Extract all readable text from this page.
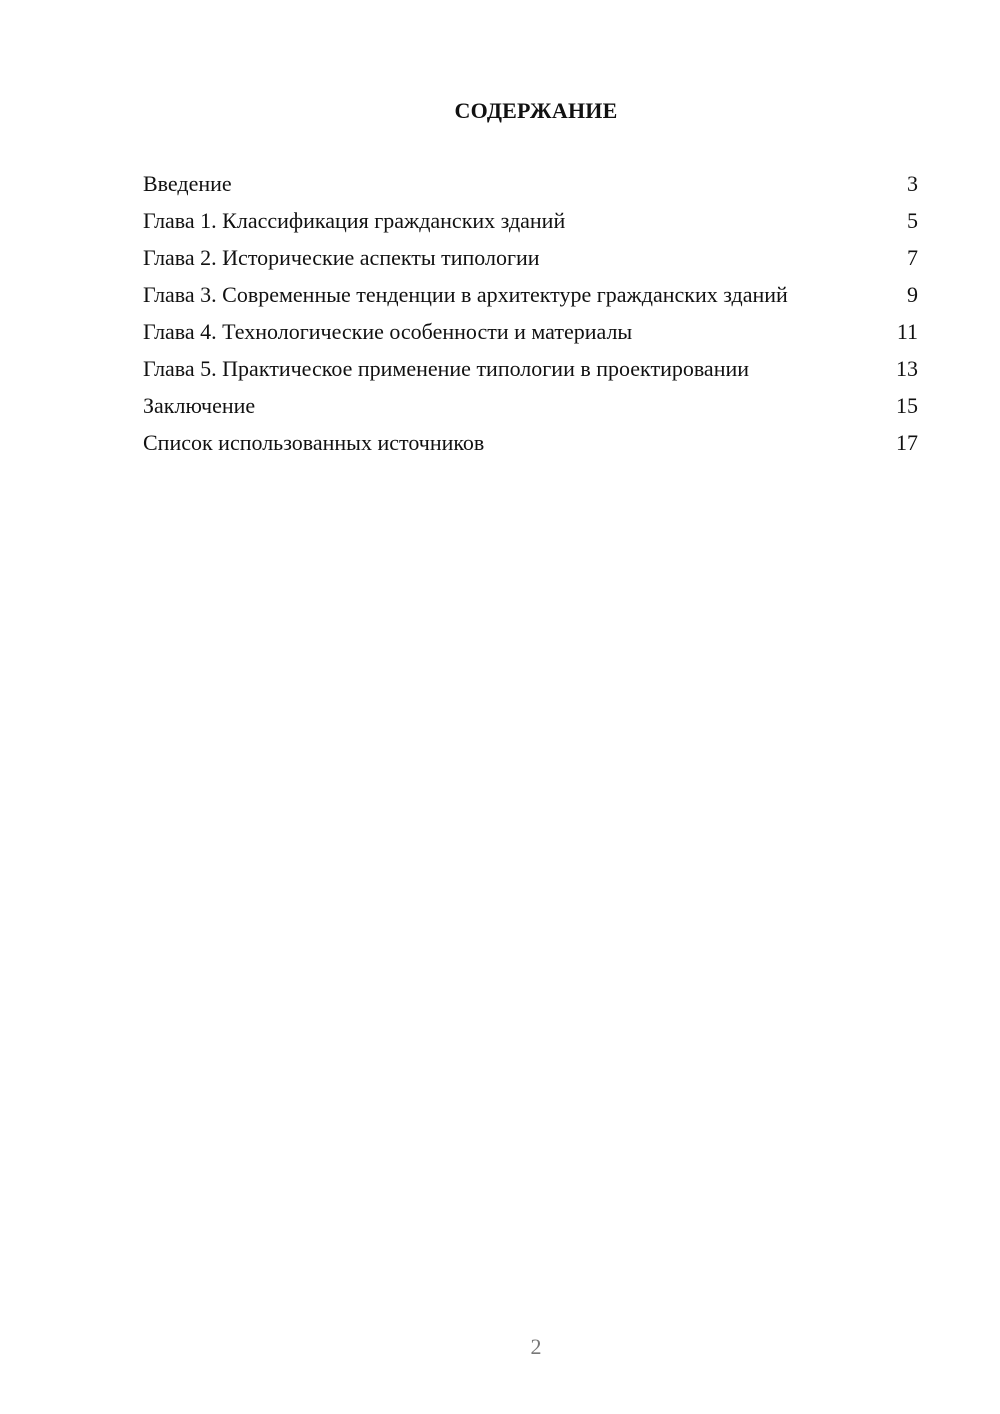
СОДЕРЖАНИЕ
Введение	3
Глава 1. Классификация гражданских зданий	5
Глава 2. Исторические аспекты типологии	7
Глава 3. Современные тенденции в архитектуре гражданских зданий	9
Глава 4. Технологические особенности и материалы	11
Глава 5. Практическое применение типологии в проектировании	13
Заключение	15
Список использованных источников	17
2
